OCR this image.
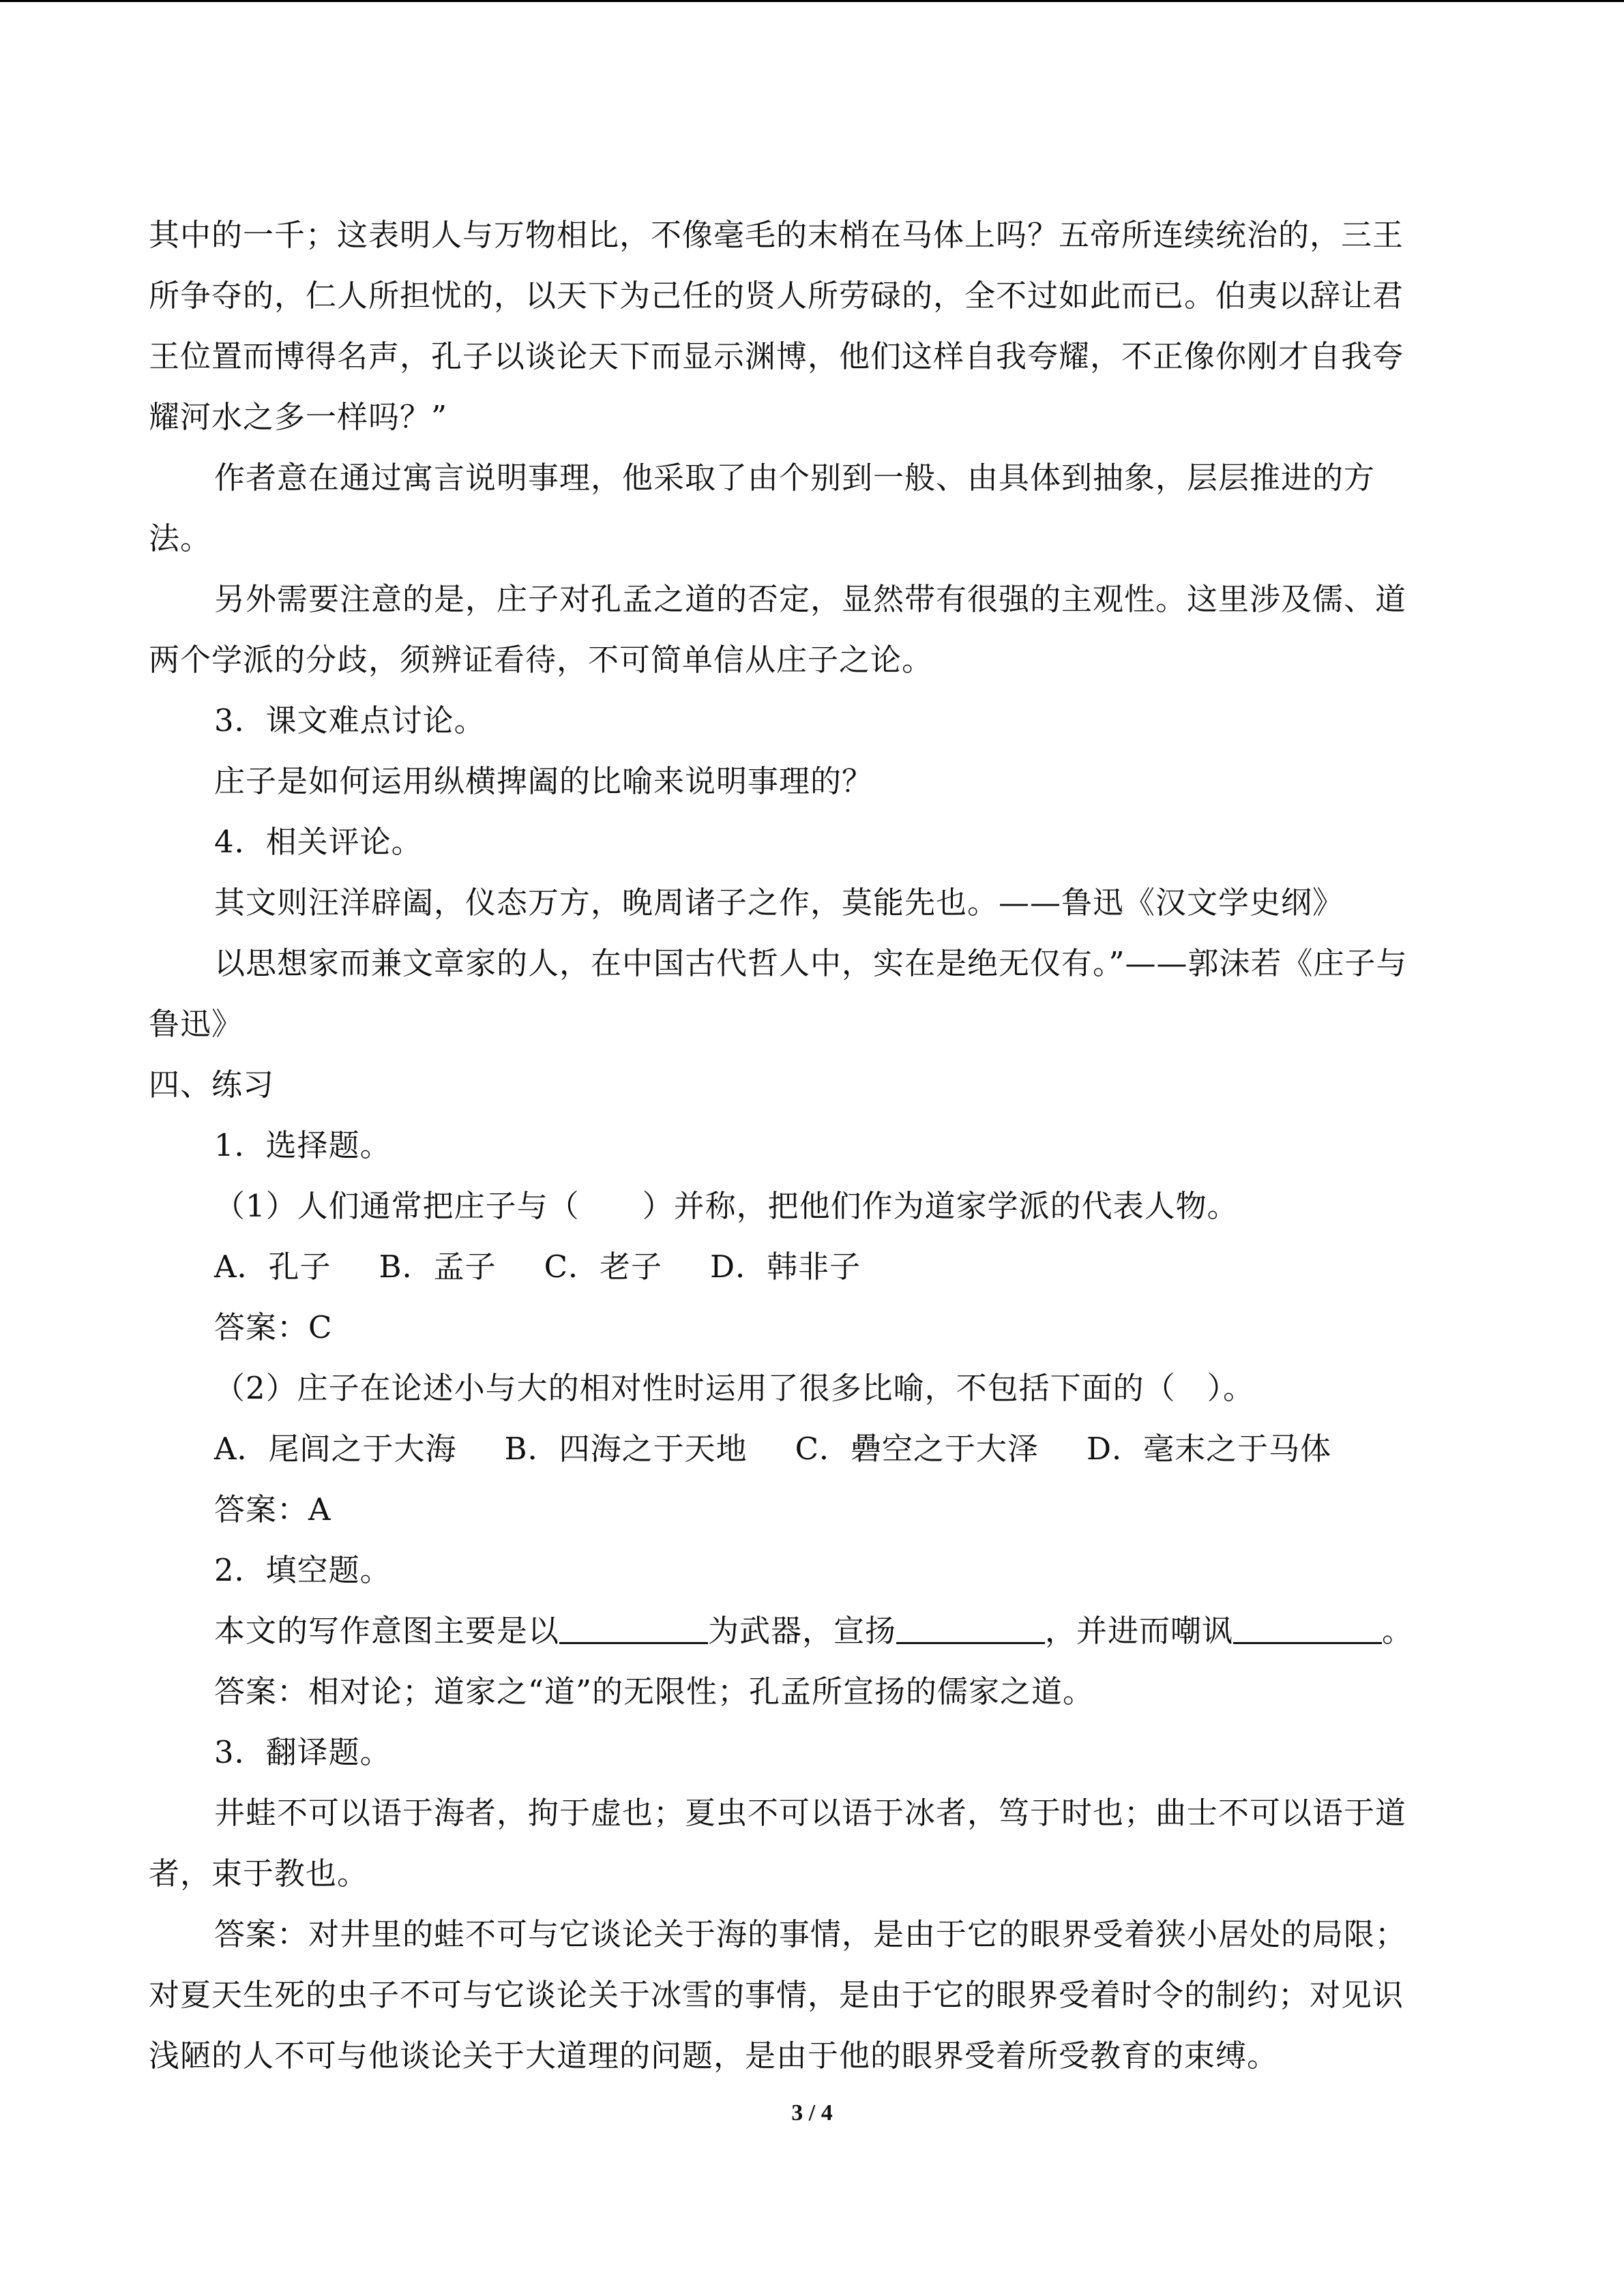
其中的一千；这表明人与万物相比，不像毫毛的末梢在马体上吗？五帝所连续统治的，三王
所争夺的，仁人所担忧的，以天下为己任的贤人所劳碌的，全不过如此而已。伯夷以辞让君
王位置而博得名声，孔子以谈论天下而显示渊博，他们这样自我夸耀，不正像你刚才自我夸
耀河水之多一样吗？”
作者意在通过寓言说明事理，他采取了由个别到一般、由具体到抽象，层层推进的方
法。
另外需要注意的是，庄子对孔孟之道的否定，显然带有很强的主观性。这里涉及儒、道
两个学派的分歧，须辨证看待，不可简单信从庄子之论。
3．课文难点讨论。
庄子是如何运用纵横捭阖的比喻来说明事理的？
4．相关评论。
其文则汪洋辟阖，仪态万方，晚周诸子之作，莫能先也。——鲁迅《汉文学史纲》
以思想家而兼文章家的人，在中国古代哲人中，实在是绝无仅有。”——郭沫若《庄子与
鲁迅》
四、练习
1．选择题。
（1）人们通常把庄子与（　　）并称，把他们作为道家学派的代表人物。
A．孔子 B．孟子 C．老子 D．韩非子
答案：C
（2）庄子在论述小与大的相对性时运用了很多比喻，不包括下面的（　）。
A．尾闾之于大海 B．四海之于天地 C．礨空之于大泽 D．毫末之于马体
答案：A
2．填空题。
本文的写作意图主要是以	为武器，宣扬	，并进而嘲讽	。
答案：相对论；道家之“道”的无限性；孔孟所宣扬的儒家之道。
3．翻译题。
井蛙不可以语于海者，拘于虚也；夏虫不可以语于冰者，笃于时也；曲士不可以语于道
者，束于教也。
答案：对井里的蛙不可与它谈论关于海的事情，是由于它的眼界受着狭小居处的局限；
对夏天生死的虫子不可与它谈论关于冰雪的事情，是由于它的眼界受着时令的制约；对见识
浅陋的人不可与他谈论关于大道理的问题，是由于他的眼界受着所受教育的束缚。
3 / 4
